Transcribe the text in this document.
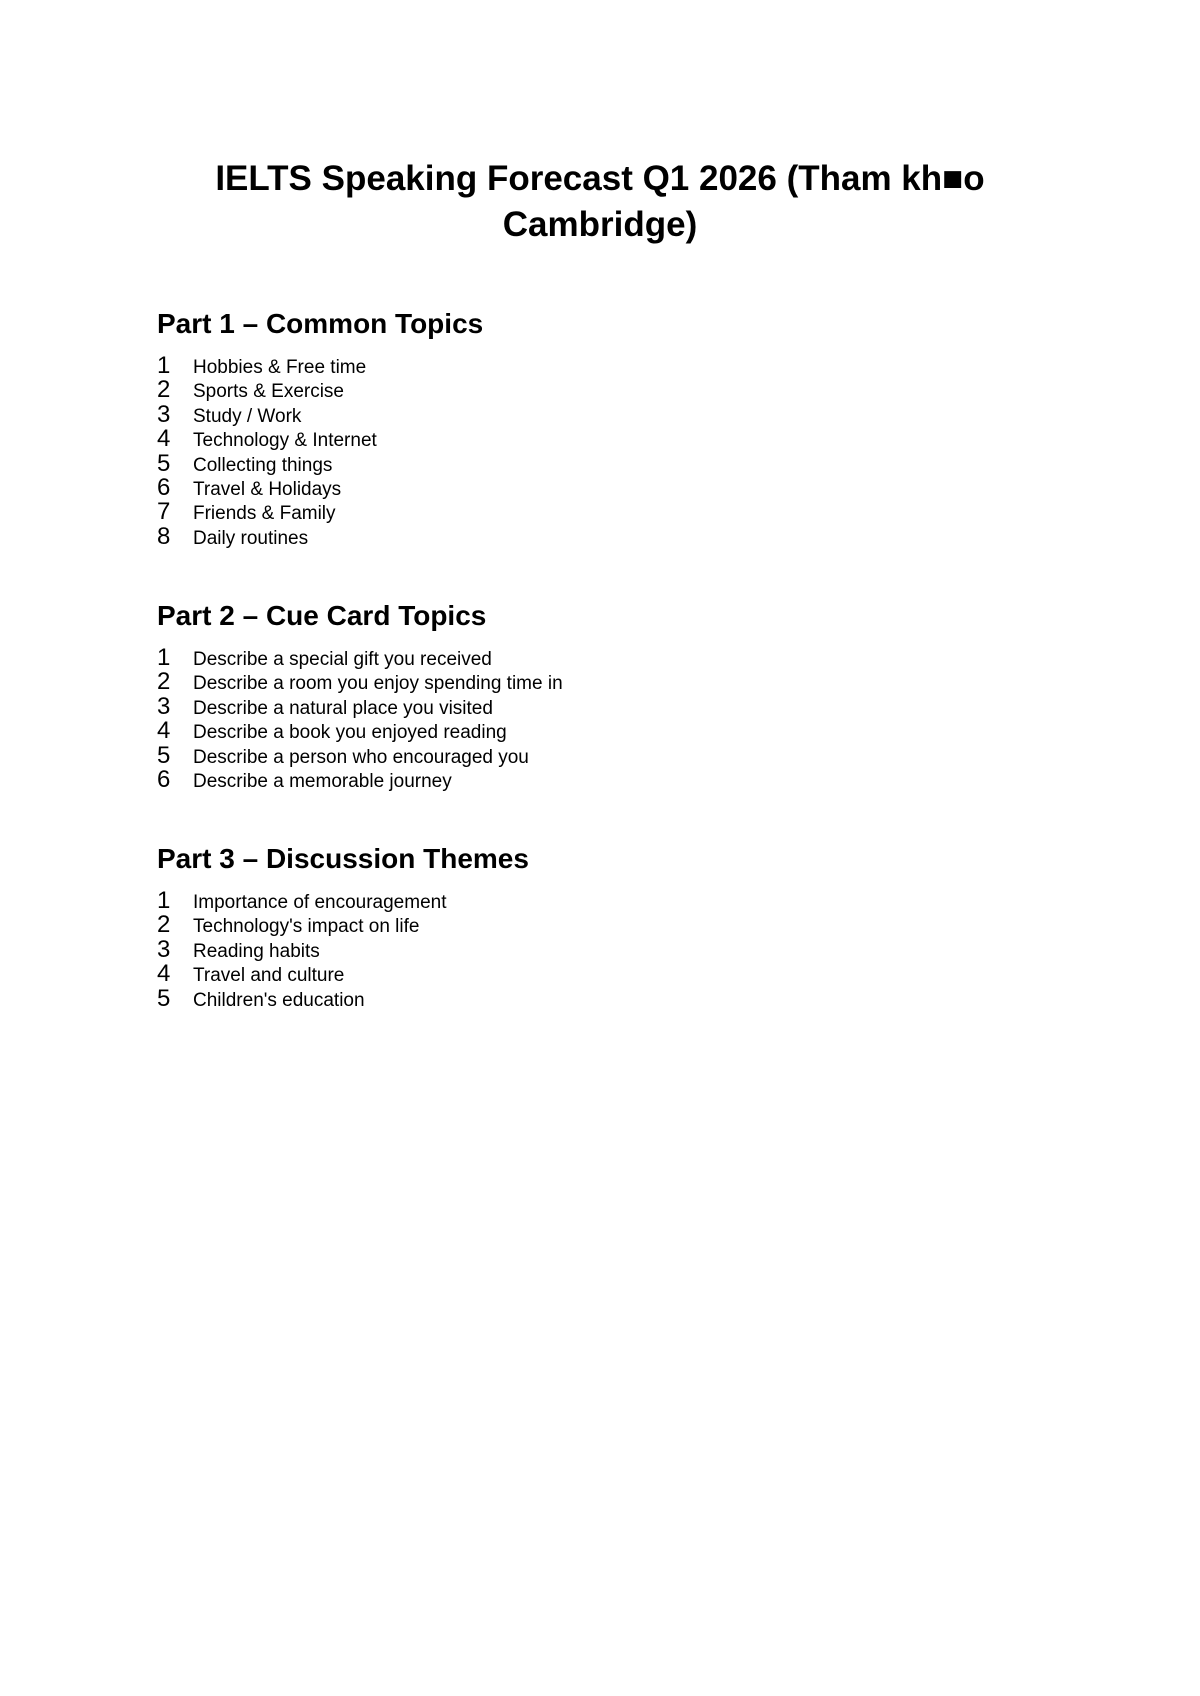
IELTS Speaking Forecast Q1 2026 (Tham kh■o Cambridge)
Part 1 – Common Topics
1	Hobbies & Free time
2	Sports & Exercise
3	Study / Work
4	Technology & Internet
5	Collecting things
6	Travel & Holidays
7	Friends & Family
8	Daily routines
Part 2 – Cue Card Topics
1	Describe a special gift you received
2	Describe a room you enjoy spending time in
3	Describe a natural place you visited
4	Describe a book you enjoyed reading
5	Describe a person who encouraged you
6	Describe a memorable journey
Part 3 – Discussion Themes
1	Importance of encouragement
2	Technology's impact on life
3	Reading habits
4	Travel and culture
5	Children's education
